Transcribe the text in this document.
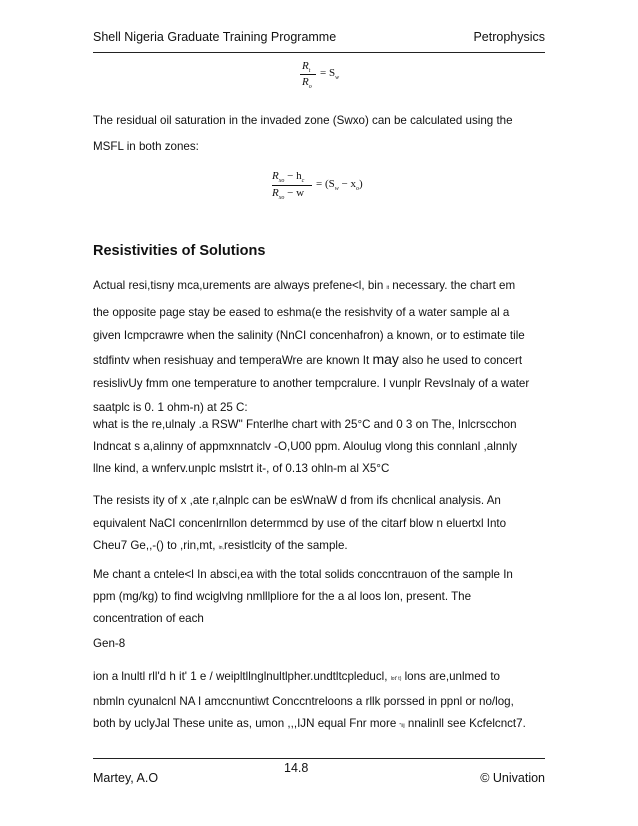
Shell Nigeria Graduate Training Programme	Petrophysics
$R_t$
$R_o$
= $S_w$
The residual oil saturation in the invaded zone (Swxo) can be calculated using the
MSFL in both zones:
$R_{xo} - h_c$
$R_{xo} - w$
= $(S_w - x_o)$
Resistivities of Solutions
Actual resi,tisny mca,urements are always prefene<l, bin it necessary. the chart em
the opposite page stay be eased to eshma(e the resishvity of a water sample al a
given Icmpcrawre when the salinity (NnCI concenhafron) a known, or to estimate tile
stdfintv when resishuay and temperaWre are known It may also he used to concert
resislivUy fmm one temperature to another tempcralure. I vunplr RevsInaly of a water
saatplc is 0. 1 ohm-n) at 25 C:
what is the re,ulnaly .a RSW" Fnterlhe chart with 25°C and 0 3 on The, Inlcrscchon
Indncat s a,alinny of appmxnnatclv -O,U00 ppm. Aloulug vlong this connlanl ,alnnly
llne kind, a wnferv.unplc mslstrt it-, of 0.13 ohln-m al X5°C
The resists ity of x ,ate r,alnplc can be esWnaW d from ifs chcnlical analysis. An
equivalent NaCI concenlrnllon determmcd by use of the citarf blow n eluertxl Into
Cheu7 Ge,,-() to ,rin,mt, in,resistlcity of the sample.
Me chant a cntele<l In absci,ea with the total solids conccntrauon of the sample In
ppm (mg/kg) to find wciglvlng nmlllpliore for the a al loos lon, present. The
concentration of each
Gen-8
ion a lnultl rll'd h it' 1 e / weipltllnglnultlpher.undtltcpleducl, lot' t) lons are,unlmed to
nbmln cyunalcnl NA I amccnuntiwt Conccntreloons a rllk porssed in ppnl or no/log,
both by uclyJal These unite as, umon ,,,IJN equal Fnr more "iij nnalinll see Kcfelcnct7.
Martey, A.O
14.8
© Univation
